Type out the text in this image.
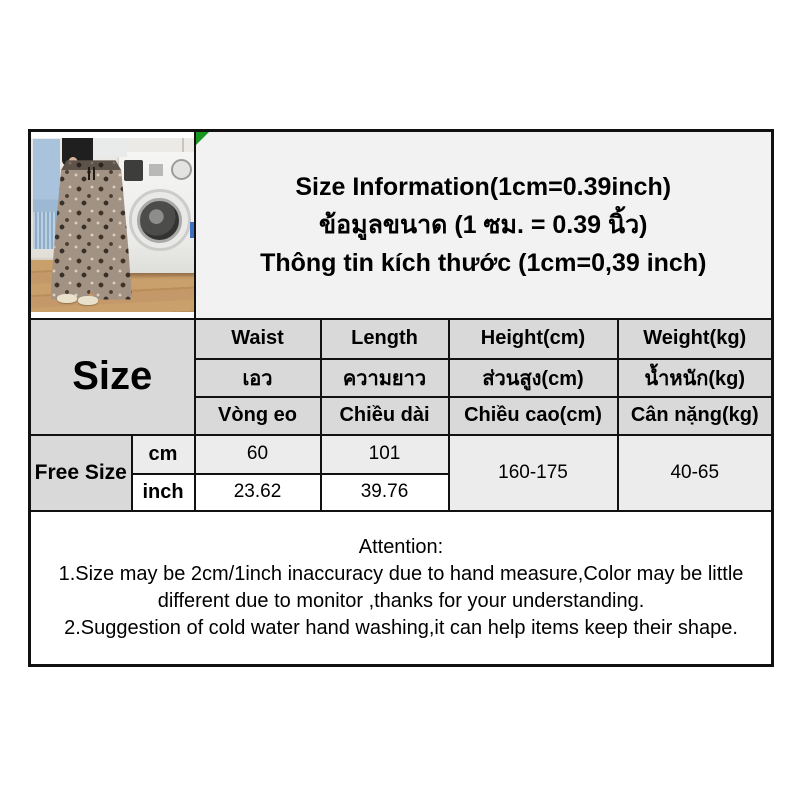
		Size Information(1cm=0.39inch)
ข้อมูลขนาด (1 ซม. = 0.39 นิ้ว)
Thông tin kích thước (1cm=0,39 inch)			

Size		Waist	Length	Height(cm)	Weight(kg)
		เอว	ความยาว	ส่วนสูง(cm)	น้ำหนัก(kg)
		Vòng eo	Chiều dài	Chiều cao(cm)	Cân nặng(kg)
Free Size	cm	60	101	160-175	40-65
	inch	23.62	39.76		

Attention:
1.Size may be 2cm/1inch inaccuracy due to hand measure,Color may be little
different due to monitor ,thanks for your understanding.
2.Suggestion of cold water hand washing,it can help items keep their shape.					
